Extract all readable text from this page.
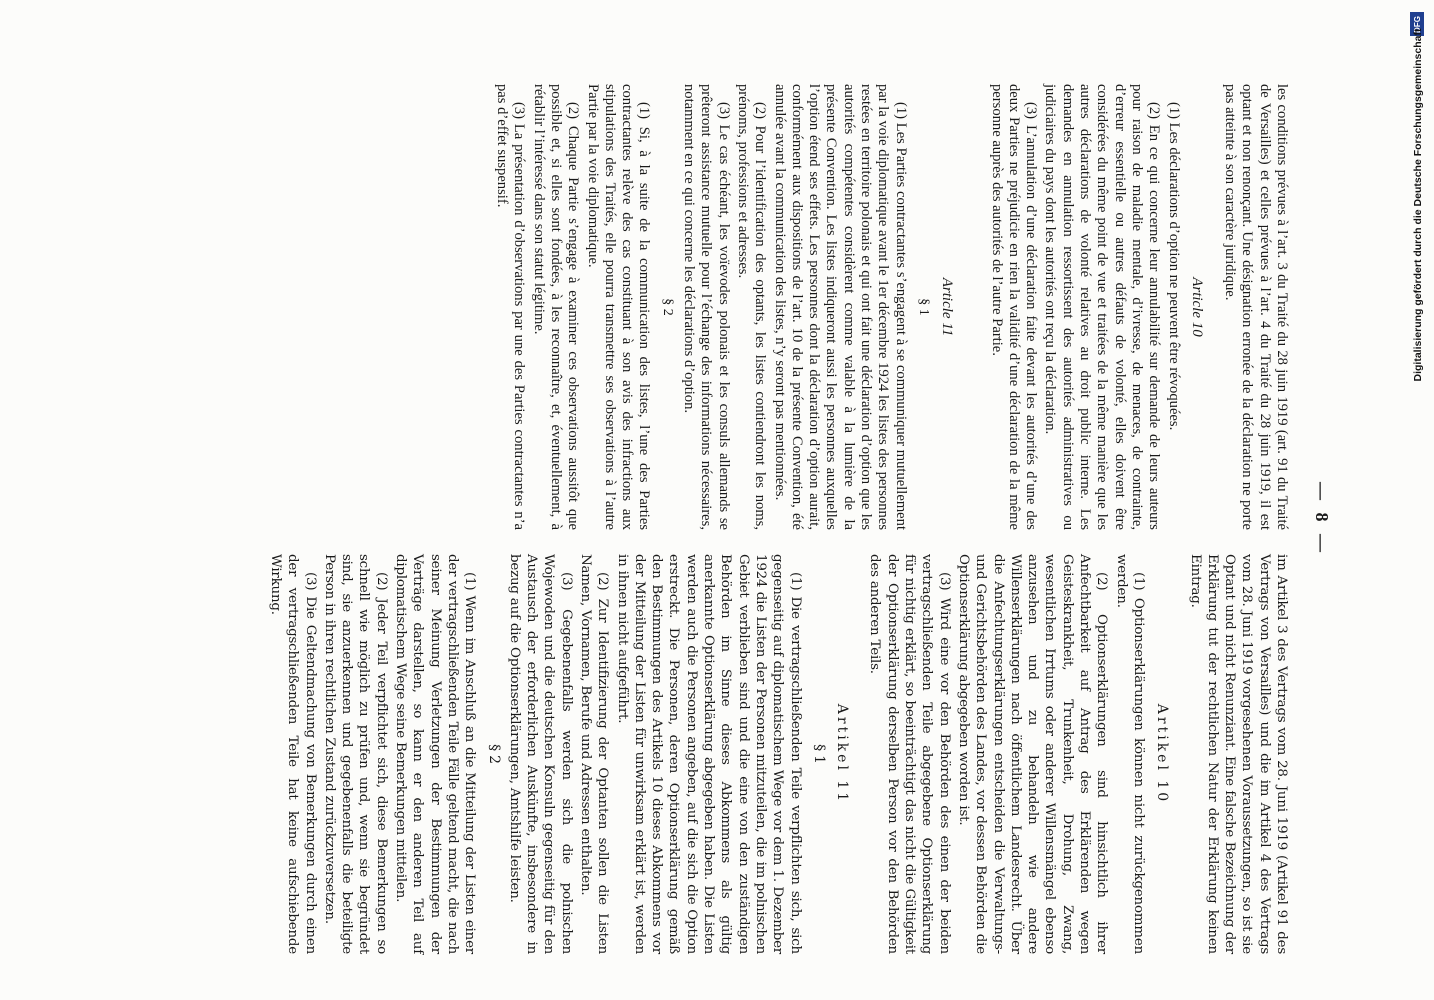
— 8 —

les conditions prévues à l’art. 3 du Traité du 28 juin 1919 (art. 91 du Traité de Versailles) et celles prévues à l’art. 4 du Traité du 28 juin 1919, il est optant et non renonçant. Une désignation erronée de la déclaration ne porte pas atteinte à son caractère juridique.

Article 10

(1) Les déclarations d’option ne peuvent être révoquées.

(2) En ce qui concerne leur annulabilité sur demande de leurs auteurs pour raison de maladie mentale, d’ivresse, de menaces, de contrainte, d’erreur essentielle ou autres défauts de volonté, elles doivent être considérées du même point de vue et traitées de la même manière que les autres déclarations de volonté relatives au droit public interne. Les demandes en annulation ressortissent des autorités administratives ou judiciaires du pays dont les autorités ont reçu la déclaration.

(3) L’annulation d’une déclaration faite devant les autorités d’une des deux Parties ne préjudicie en rien la validité d’une déclaration de la même personne auprès des autorités de l’autre Partie.

Article 11
§ 1

(1) Les Parties contractantes s’engagent à se communiquer mutuellement par la voie diplomatique avant le 1er décembre 1924 les listes des personnes restées en territoire polonais et qui ont fait une déclaration d’option que les autorités compétentes considèrent comme valable à la lumière de la présente Convention. Les listes indiqueront aussi les personnes auxquelles l’option étend ses effets. Les personnes dont la déclaration d’option aurait, conformément aux dispositions de l’art. 10 de la présente Convention, été annulée avant la communication des listes, n’y seront pas mentionnées.

(2) Pour l’identification des optants, les listes contiendront les noms, prénoms, professions et adresses.

(3) Le cas échéant, les voïevodes polonais et les consuls allemands se prêteront assistance mutuelle pour l’échange des informations nécessaires, notamment en ce qui concerne les déclarations d’option.

§ 2

(1) Si, à la suite de la communication des listes, l’une des Parties contractantes relève des cas constituant à son avis des infractions aux stipulations des Traités, elle pourra transmettre ses observations à l’autre Partie par la voie diplomatique.

(2) Chaque Partie s’engage à examiner ces observations aussitôt que possible et, si elles sont fondées, à les reconnaître, et, éventuellement, à rétablir l’intéressé dans son statut légitime.

(3) La présentation d’observations par une des Parties contractantes n’a pas d’effet suspensif.

im Artikel 3 des Vertrags vom 28. Juni 1919 (Artikel 91 des Vertrags von Versailles) und die im Artikel 4 des Vertrags vom 28. Juni 1919 vorgesehenen Voraussetzungen, so ist sie Optant und nicht Renunziant. Eine falsche Bezeichnung der Erklärung tut der rechtlichen Natur der Erklärung keinen Eintrag.

Artikel 10

(1) Optionserklärungen können nicht zurückgenommen werden.

(2) Optionserklärungen sind hinsichtlich ihrer Anfechtbarkeit auf Antrag des Erklärenden wegen Geisteskrankheit, Trunkenheit, Drohung, Zwang, wesentlichen Irrtums oder anderer Willensmängel ebenso anzusehen und zu behandeln wie andere Willenserklärungen nach öffentlichem Landesrecht. Über die Anfechtungserklärungen entscheiden die Verwaltungs- und Gerichtsbehörden des Landes, vor dessen Behörden die Optionserklärung abgegeben worden ist.

(3) Wird eine vor den Behörden des einen der beiden vertragschließenden Teile abgegebene Optionserklärung für nichtig erklärt, so beeinträchtigt das nicht die Gültigkeit der Optionserklärung derselben Person vor den Behörden des anderen Teils.

Artikel 11
§ 1

(1) Die vertragschließenden Teile verpflichten sich, sich gegenseitig auf diplomatischem Wege vor dem 1. Dezember 1924 die Listen der Personen mitzuteilen, die im polnischen Gebiet verblieben sind und die eine von den zuständigen Behörden im Sinne dieses Abkommens als gültig anerkannte Optionserklärung abgegeben haben. Die Listen werden auch die Personen angeben, auf die sich die Option erstreckt. Die Personen, deren Optionserklärung gemäß den Bestimmungen des Artikels 10 dieses Abkommens vor der Mitteilung der Listen für unwirksam erklärt ist, werden in ihnen nicht aufgeführt.

(2) Zur Identifizierung der Optanten sollen die Listen Namen, Vornamen, Berufe und Adressen enthalten.

(3) Gegebenenfalls werden sich die polnischen Wojewoden und die deutschen Konsuln gegenseitig für den Austausch der erforderlichen Auskünfte, insbesondere in bezug auf die Optionserklärungen, Amtshilfe leisten.

§ 2

(1) Wenn im Anschluß an die Mitteilung der Listen einer der vertragschließenden Teile Fälle geltend macht, die nach seiner Meinung Verletzungen der Bestimmungen der Verträge darstellen, so kann er den anderen Teil auf diplomatischem Wege seine Bemerkungen mitteilen.

(2) Jeder Teil verpflichtet sich, diese Bemerkungen so schnell wie möglich zu prüfen und, wenn sie begründet sind, sie anzuerkennen und gegebenenfalls die beteiligte Person in ihren rechtlichen Zustand zurückzuversetzen.

(3) Die Geltendmachung von Bemerkungen durch einen der vertragschließenden Teile hat keine aufschiebende Wirkung.

DFG
Digitalisierung gefördert durch die Deutsche Forschungsgemeinschaft
